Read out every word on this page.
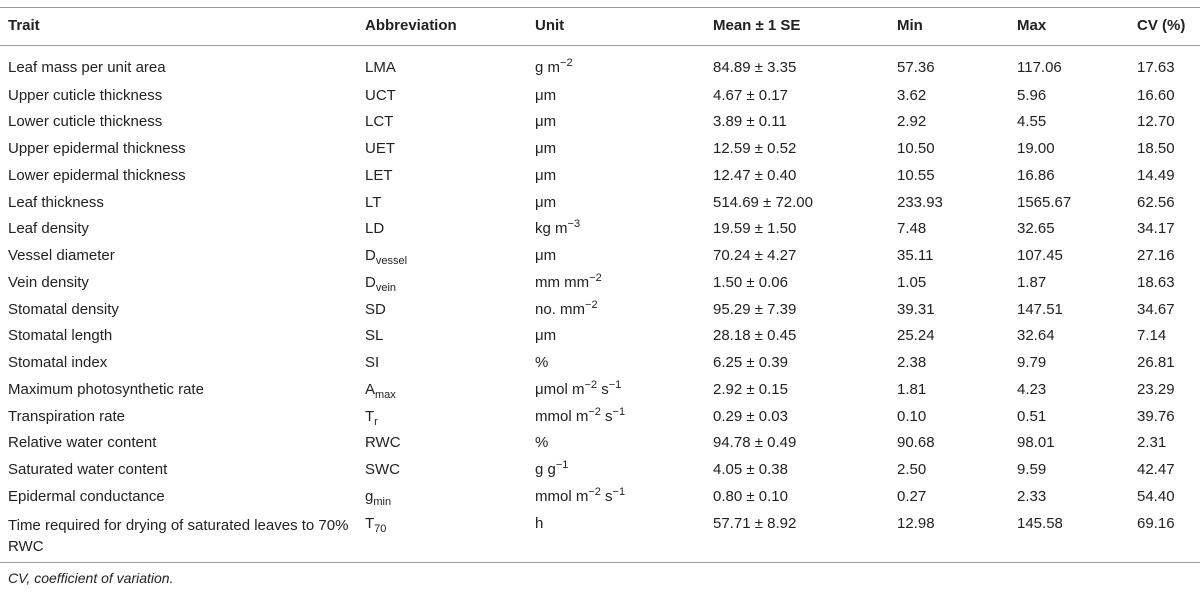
Trait	Abbreviation	Unit	Mean ± 1 SE	Min	Max	CV (%)
Leaf mass per unit area	LMA	g $m^{-2}$	84.89 ± 3.35	57.36	117.06	17.63
Upper cuticle thickness	UCT	μm	4.67 ± 0.17	3.62	5.96	16.60
Lower cuticle thickness	LCT	μm	3.89 ± 0.11	2.92	4.55	12.70
Upper epidermal thickness	UET	μm	12.59 ± 0.52	10.50	19.00	18.50
Lower epidermal thickness	LET	μm	12.47 ± 0.40	10.55	16.86	14.49
Leaf thickness	LT	μm	514.69 ± 72.00	233.93	1565.67	62.56
Leaf density	LD	kg $m^{-3}$	19.59 ± 1.50	7.48	32.65	34.17
Vessel diameter	$D_{vessel}$	μm	70.24 ± 4.27	35.11	107.45	27.16
Vein density	$D_{vein}$	mm $mm^{-2}$	1.50 ± 0.06	1.05	1.87	18.63
Stomatal density	SD	no. $mm^{-2}$	95.29 ± 7.39	39.31	147.51	34.67
Stomatal length	SL	μm	28.18 ± 0.45	25.24	32.64	7.14
Stomatal index	SI	%	6.25 ± 0.39	2.38	9.79	26.81
Maximum photosynthetic rate	$A_{max}$	μmol $m^{-2}$ $s^{-1}$	2.92 ± 0.15	1.81	4.23	23.29
Transpiration rate	$T_r$	mmol $m^{-2}$ $s^{-1}$	0.29 ± 0.03	0.10	0.51	39.76
Relative water content	RWC	%	94.78 ± 0.49	90.68	98.01	2.31
Saturated water content	SWC	g $g^{-1}$	4.05 ± 0.38	2.50	9.59	42.47
Epidermal conductance	$g_{min}$	mmol $m^{-2}$ $s^{-1}$	0.80 ± 0.10	0.27	2.33	54.40
Time required for drying of saturated leaves to 70% RWC	$T_{70}$	h	57.71 ± 8.92	12.98	145.58	69.16
CV, coefficient of variation.
